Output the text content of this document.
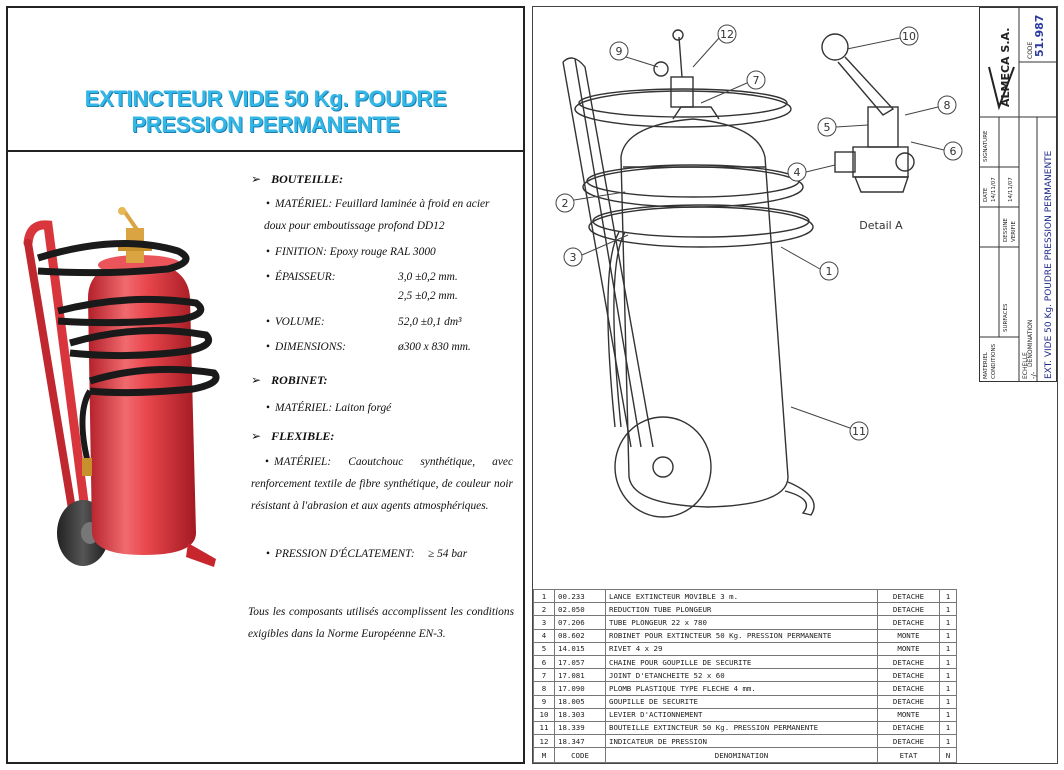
EXTINCTEUR VIDE 50 Kg. POUDRE
PRESSION PERMANENTE
➢ BOUTEILLE:
• MATÉRIEL: Feuillard laminée à froid en acier
doux pour emboutissage profond DD12
• FINITION: Epoxy rouge RAL 3000
• ÉPAISSEUR:	3,0 ±0,2 mm.
2,5 ±0,2 mm.
• VOLUME:	52,0 ±0,1 dm³
• DIMENSIONS:	ø300 x 830 mm.
➢ ROBINET:
• MATÉRIEL: Laiton forgé
➢ FLEXIBLE:
• MATÉRIEL: Caoutchouc synthétique, avec renforcement textile de fibre synthétique, de couleur noir résistant à l'abrasion et aux agents atmosphériques.
• PRESSION D'ÉCLATEMENT:	≥ 54 bar
Tous les composants utilisés accomplissent les conditions exigibles dans la Norme Européenne EN-3.
1
2
3
4
5
6
7
8
9
10
11
12
Detail A
ALMECA S.A.	CODE 51.987
DENOMINATION EXT. VIDE 50 Kg. POUDRE PRESSION PERMANENTE
ECHELLE -/-
MATERIEL CONDITIONS
SURFACES
DESSINE VERIFIE
DATE
SIGNATURE
14/11/07 14/11/07
1	00.233	LANCE EXTINCTEUR MOVIBLE 3 m.	DETACHE	1
2	02.050	REDUCTION TUBE PLONGEUR	DETACHE	1
3	07.206	TUBE PLONGEUR 22 x 780	DETACHE	1
4	08.602	ROBINET POUR EXTINCTEUR 50 Kg. PRESSION PERMANENTE	MONTE	1
5	14.015	RIVET 4 x 29	MONTE	1
6	17.057	CHAINE POUR GOUPILLE DE SECURITE	DETACHE	1
7	17.081	JOINT D'ETANCHEITE 52 x 60	DETACHE	1
8	17.090	PLOMB PLASTIQUE TYPE FLECHE 4 mm.	DETACHE	1
9	18.005	GOUPILLE DE SECURITE	DETACHE	1
10	18.303	LEVIER D'ACTIONNEMENT	MONTE	1
11	18.339	BOUTEILLE EXTINCTEUR 50 Kg. PRESSION PERMANENTE	DETACHE	1
12	18.347	INDICATEUR DE PRESSION	DETACHE	1
M	CODE	DENOMINATION	ETAT	N
